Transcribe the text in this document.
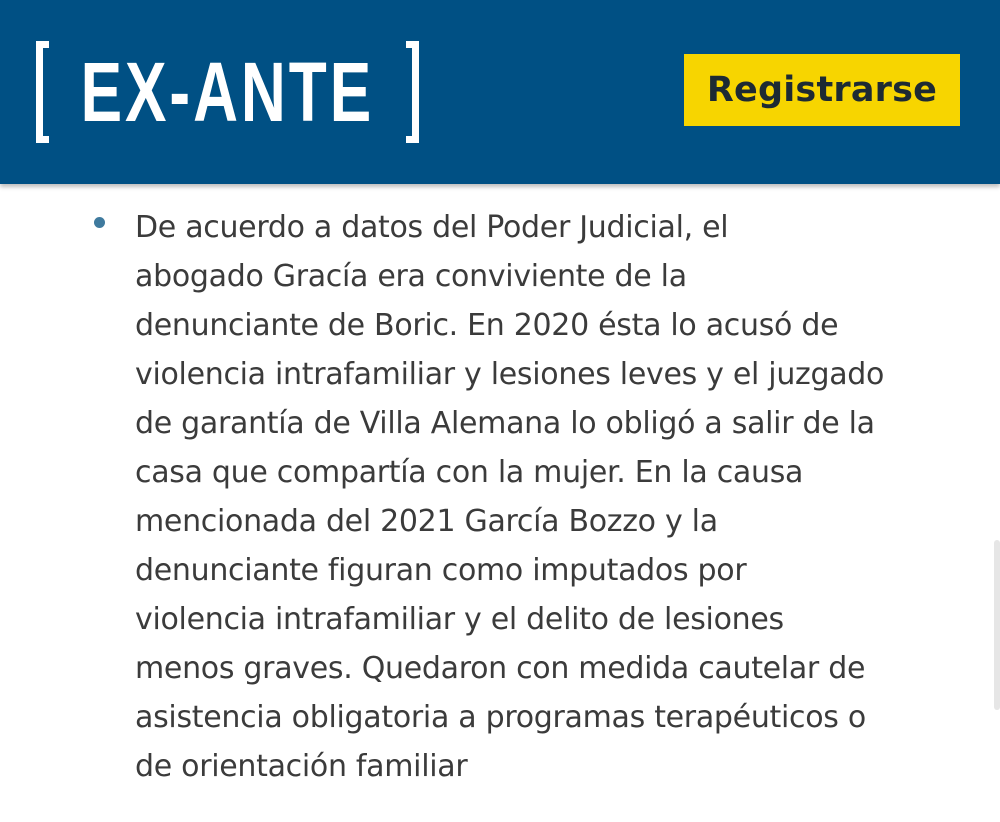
EX-ANTE	Registrarse

De acuerdo a datos del Poder Judicial, el
abogado Gracía era conviviente de la
denunciante de Boric. En 2020 ésta lo acusó de
violencia intrafamiliar y lesiones leves y el juzgado
de garantía de Villa Alemana lo obligó a salir de la
casa que compartía con la mujer. En la causa
mencionada del 2021 García Bozzo y la
denunciante figuran como imputados por
violencia intrafamiliar y el delito de lesiones
menos graves. Quedaron con medida cautelar de
asistencia obligatoria a programas terapéuticos o
de orientación familiar
